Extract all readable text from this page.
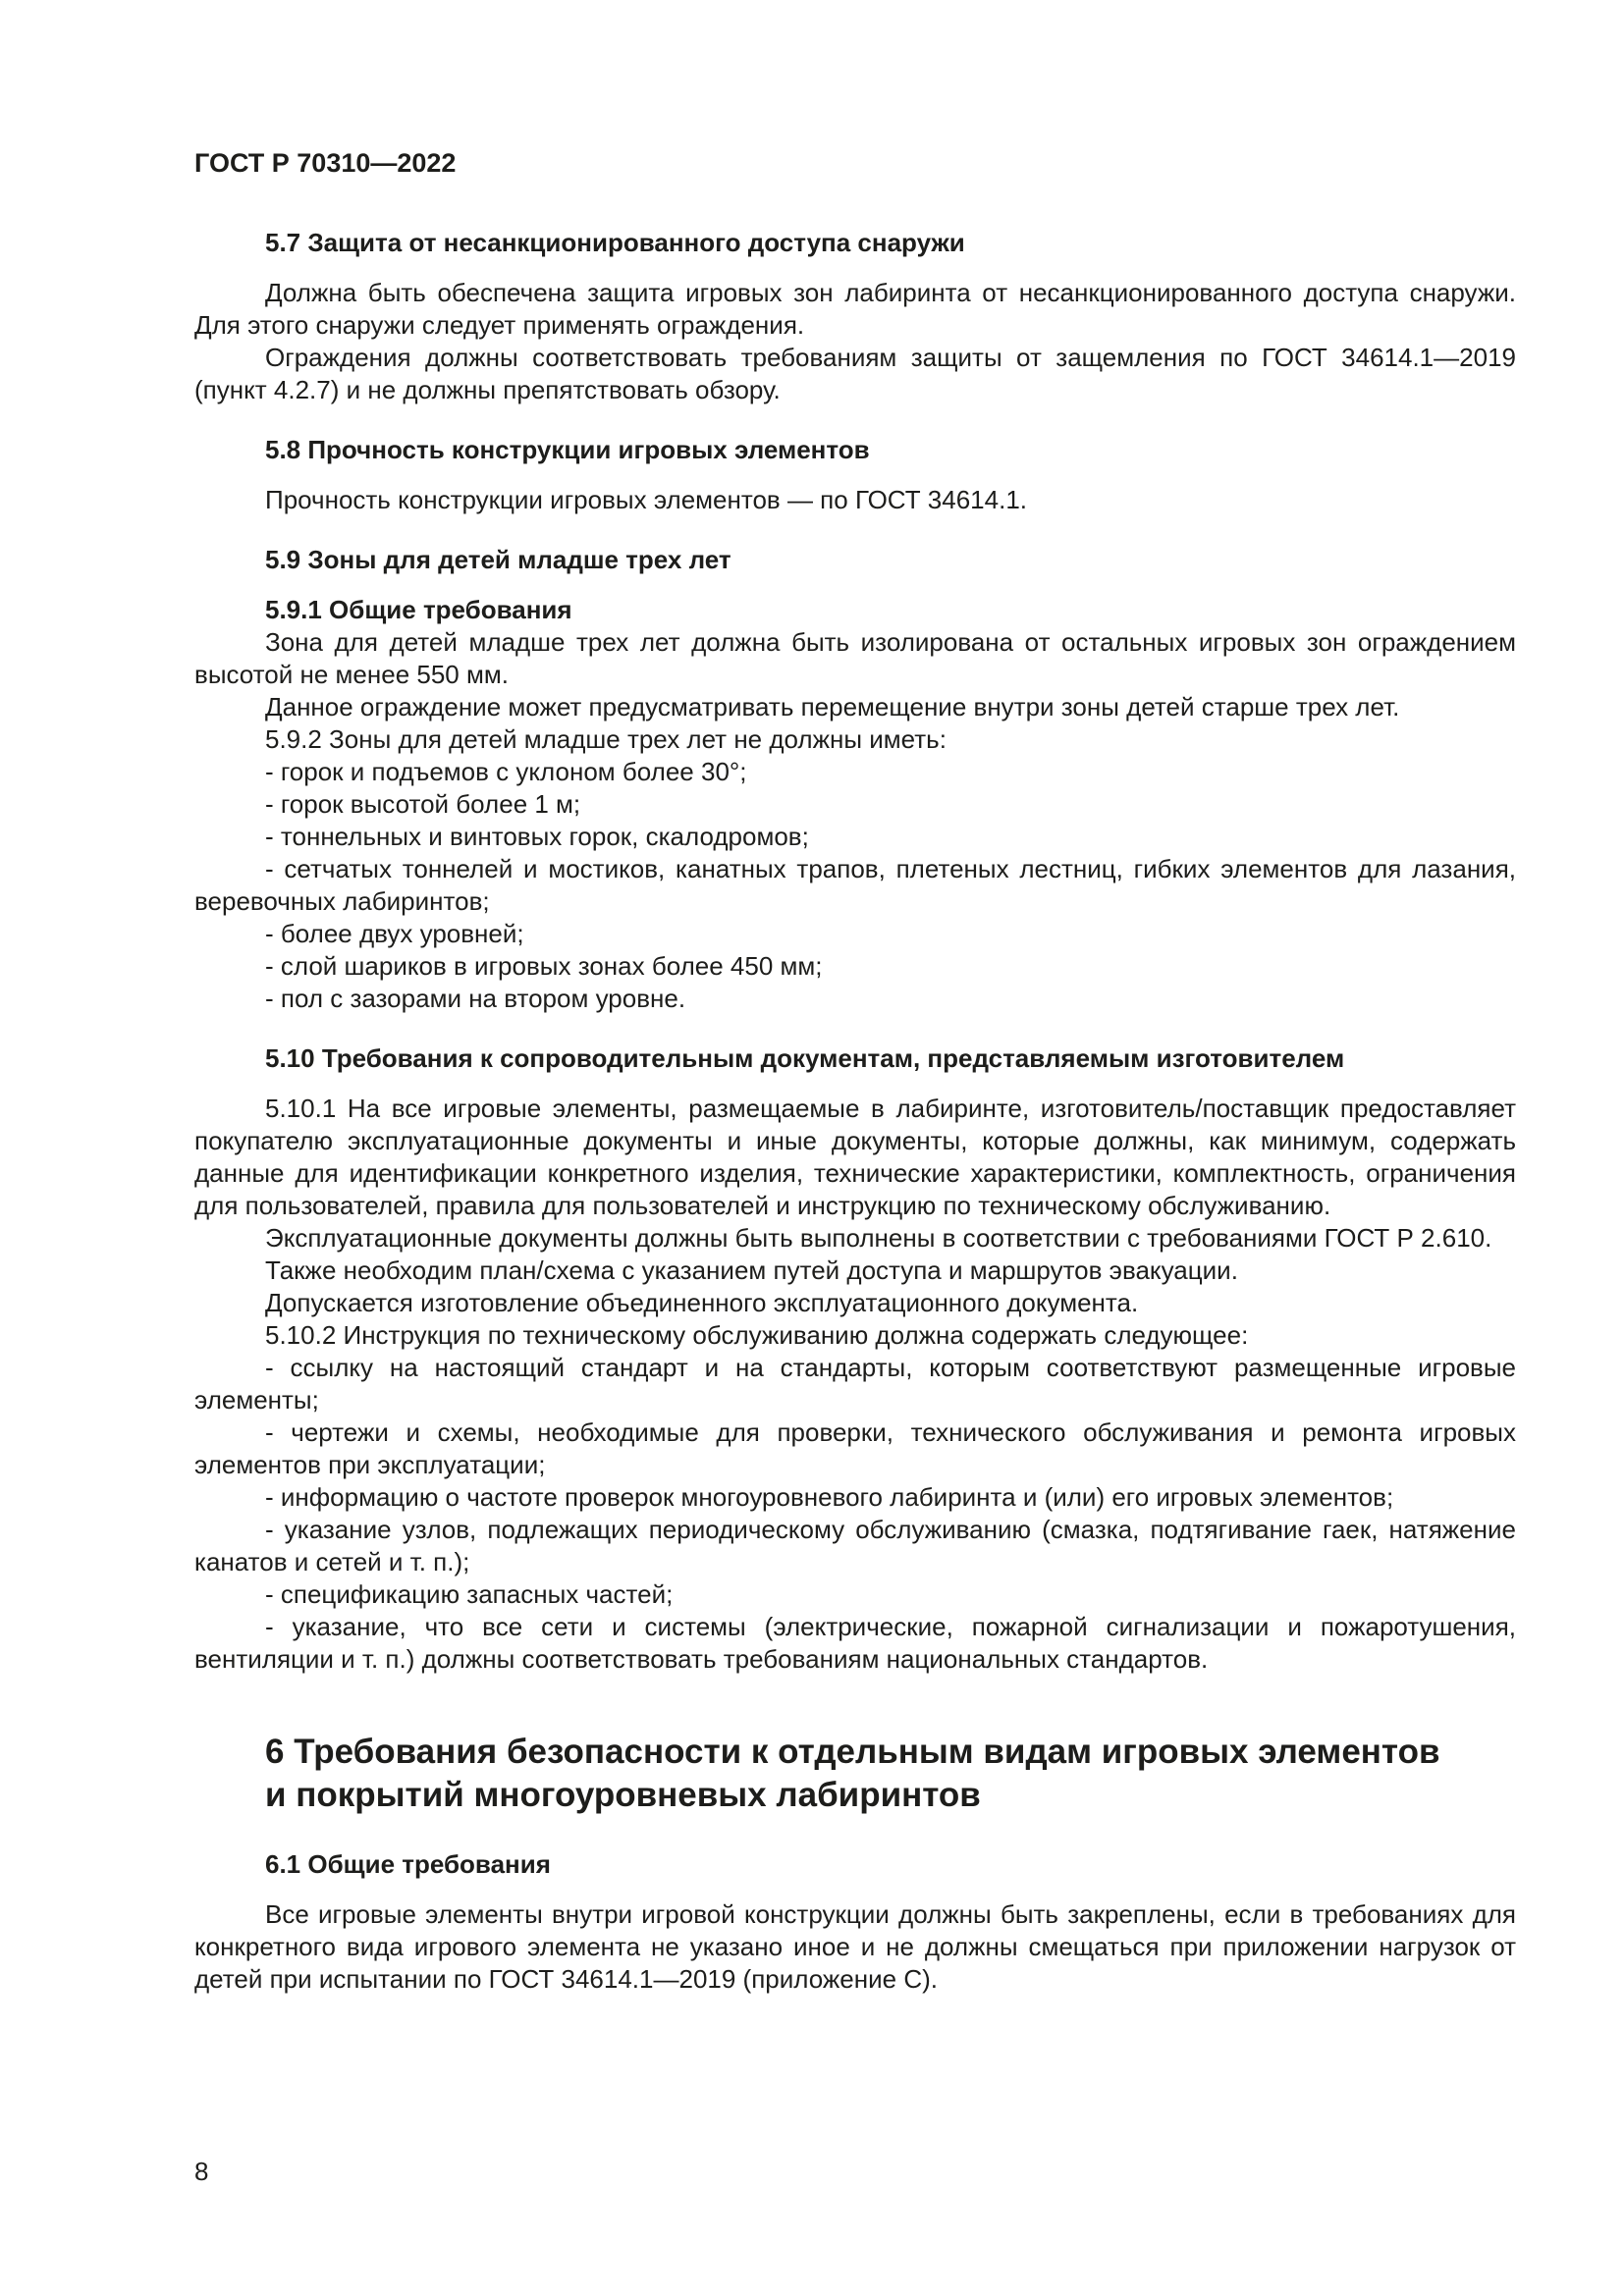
ГОСТ Р 70310—2022
5.7 Защита от несанкционированного доступа снаружи

Должна быть обеспечена защита игровых зон лабиринта от несанкционированного доступа снаружи. Для этого снаружи следует применять ограждения.

Ограждения должны соответствовать требованиям защиты от защемления по ГОСТ 34614.1—2019 (пункт 4.2.7) и не должны препятствовать обзору.

5.8 Прочность конструкции игровых элементов

Прочность конструкции игровых элементов — по ГОСТ 34614.1.

5.9 Зоны для детей младше трех лет
5.9.1 Общие требования

Зона для детей младше трех лет должна быть изолирована от остальных игровых зон ограждением высотой не менее 550 мм.

Данное ограждение может предусматривать перемещение внутри зоны детей старше трех лет.

5.9.2 Зоны для детей младше трех лет не должны иметь:

- горок и подъемов с уклоном более 30°;
- горок высотой более 1 м;
- тоннельных и винтовых горок, скалодромов;
- сетчатых тоннелей и мостиков, канатных трапов, плетеных лестниц, гибких элементов для лазания, веревочных лабиринтов;
- более двух уровней;
- слой шариков в игровых зонах более 450 мм;
- пол с зазорами на втором уровне.
5.10 Требования к сопроводительным документам, представляемым изготовителем

5.10.1 На все игровые элементы, размещаемые в лабиринте, изготовитель/поставщик предоставляет покупателю эксплуатационные документы и иные документы, которые должны, как минимум, содержать данные для идентификации конкретного изделия, технические характеристики, комплектность, ограничения для пользователей, правила для пользователей и инструкцию по техническому обслуживанию.

Эксплуатационные документы должны быть выполнены в соответствии с требованиями ГОСТ Р 2.610.

Также необходим план/схема с указанием путей доступа и маршрутов эвакуации.

Допускается изготовление объединенного эксплуатационного документа.

5.10.2 Инструкция по техническому обслуживанию должна содержать следующее:

- ссылку на настоящий стандарт и на стандарты, которым соответствуют размещенные игровые элементы;
- чертежи и схемы, необходимые для проверки, технического обслуживания и ремонта игровых элементов при эксплуатации;
- информацию о частоте проверок многоуровневого лабиринта и (или) его игровых элементов;
- указание узлов, подлежащих периодическому обслуживанию (смазка, подтягивание гаек, натяжение канатов и сетей и т. п.);
- спецификацию запасных частей;
- указание, что все сети и системы (электрические, пожарной сигнализации и пожаротушения, вентиляции и т. п.) должны соответствовать требованиям национальных стандартов.
6 Требования безопасности к отдельным видам игровых элементов
и покрытий многоуровневых лабиринтов
6.1 Общие требования

Все игровые элементы внутри игровой конструкции должны быть закреплены, если в требованиях для конкретного вида игрового элемента не указано иное и не должны смещаться при приложении нагрузок от детей при испытании по ГОСТ 34614.1—2019 (приложение С).

8
